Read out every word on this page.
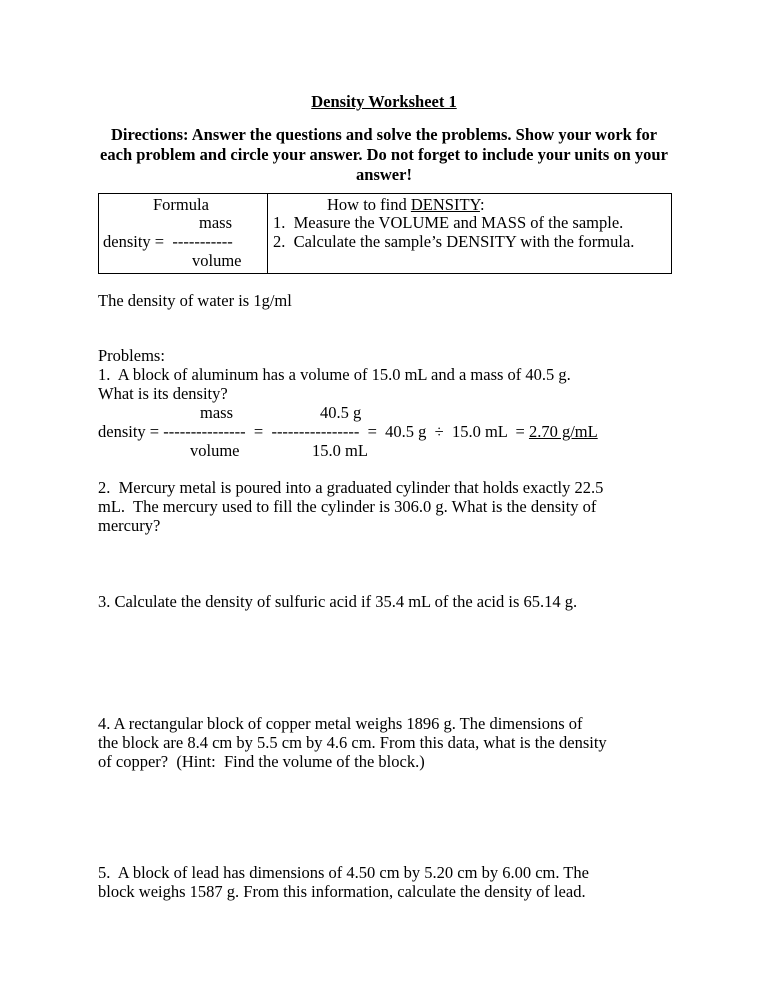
Density Worksheet 1
Directions: Answer the questions and solve the problems. Show your work for each problem and circle your answer. Do not forget to include your units on your answer!
Formula
mass
density =  -----------
volume
How to find DENSITY:
1.  Measure the VOLUME and MASS of the sample.
2.  Calculate the sample’s DENSITY with the formula.
The density of water is 1g/ml
Problems:
1.  A block of aluminum has a volume of 15.0 mL and a mass of 40.5 g.
What is its density?
mass	40.5 g
density = ---------------  =  ----------------  =  40.5 g  ÷  15.0 mL  = 2.70 g/mL
volume	15.0 mL
2.  Mercury metal is poured into a graduated cylinder that holds exactly 22.5
mL.  The mercury used to fill the cylinder is 306.0 g. What is the density of
mercury?
3. Calculate the density of sulfuric acid if 35.4 mL of the acid is 65.14 g.
4. A rectangular block of copper metal weighs 1896 g. The dimensions of
the block are 8.4 cm by 5.5 cm by 4.6 cm. From this data, what is the density
of copper?  (Hint:  Find the volume of the block.)
5.  A block of lead has dimensions of 4.50 cm by 5.20 cm by 6.00 cm. The
block weighs 1587 g. From this information, calculate the density of lead.
